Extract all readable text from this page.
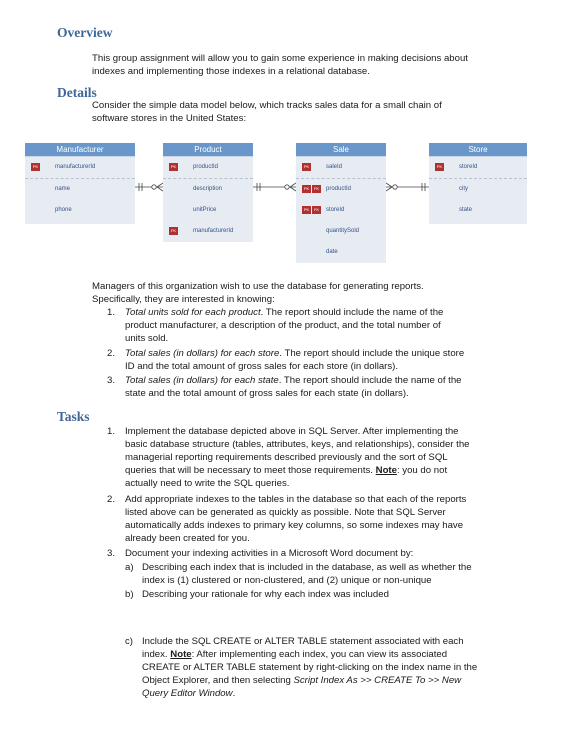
Overview
This group assignment will allow you to gain some experience in making decisions about
indexes and implementing those indexes in a relational database.
Details
Consider the simple data model below, which tracks sales data for a small chain of
software stores in the United States:
Manufacturer
PK	manufacturerId
name
phone
Product
PK	productId
description
unitPrice
FK	manufacturerId
Sale
PK	saleId
PK	FK	productId
PK	FK	storeId
quantitySold
date
Store
PK	storeId
city
state
Managers of this organization wish to use the database for generating reports.
Specifically, they are interested in knowing:
1. Total units sold for each product. The report should include the name of the
product manufacturer, a description of the product, and the total number of
units sold.
2. Total sales (in dollars) for each store. The report should include the unique store
ID and the total amount of gross sales for each store (in dollars).
3. Total sales (in dollars) for each state. The report should include the name of the
state and the total amount of gross sales for each state (in dollars).
Tasks
1. Implement the database depicted above in SQL Server. After implementing the
basic database structure (tables, attributes, keys, and relationships), consider the
managerial reporting requirements described previously and the sort of SQL
queries that will be necessary to meet those requirements. Note: you do not
actually need to write the SQL queries.
2. Add appropriate indexes to the tables in the database so that each of the reports
listed above can be generated as quickly as possible. Note that SQL Server
automatically adds indexes to primary key columns, so some indexes may have
already been created for you.
3. Document your indexing activities in a Microsoft Word document by:
a) Describing each index that is included in the database, as well as whether the
index is (1) clustered or non-clustered, and (2) unique or non-unique
b) Describing your rationale for why each index was included
c) Include the SQL CREATE or ALTER TABLE statement associated with each
index. Note: After implementing each index, you can view its associated
CREATE or ALTER TABLE statement by right-clicking on the index name in the
Object Explorer, and then selecting Script Index As >> CREATE To >> New
Query Editor Window.
